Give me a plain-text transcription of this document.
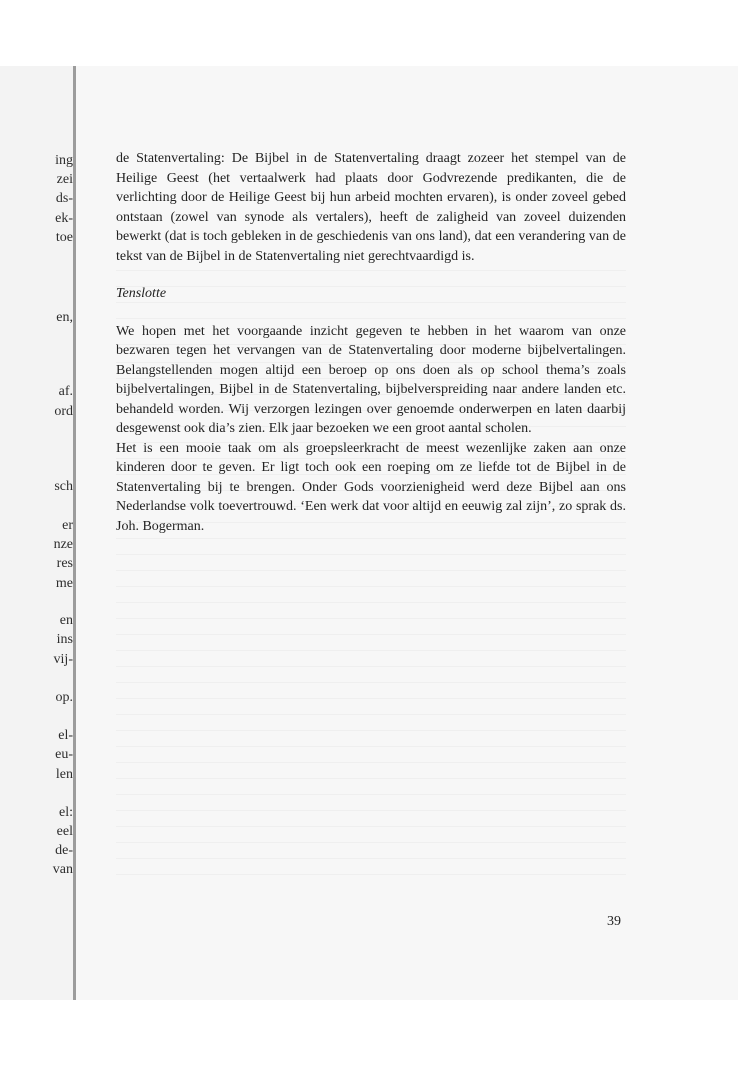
ing
zei
ds-
ek-
toe
en,
af.
ord
sch
er
nze
res
me
en
ins
vij-
op.
el-
eu-
len
el:
eel
de-
van

de Statenvertaling: De Bijbel in de Statenvertaling draagt zozeer het stempel van de Heilige Geest (het vertaalwerk had plaats door Godvrezende predikanten, die de verlichting door de Heilige Geest bij hun arbeid mochten ervaren), is onder zoveel gebed ontstaan (zowel van synode als vertalers), heeft de zaligheid van zoveel duizenden bewerkt (dat is toch gebleken in de geschiedenis van ons land), dat een verandering van de tekst van de Bijbel in de Statenvertaling niet gerechtvaardigd is.

Tenslotte

We hopen met het voorgaande inzicht gegeven te hebben in het waarom van onze bezwaren tegen het vervangen van de Statenvertaling door moderne bijbelvertalingen. Belangstellenden mogen altijd een beroep op ons doen als op school thema’s zoals bijbelvertalingen, Bijbel in de Statenvertaling, bijbelverspreiding naar andere landen etc. behandeld worden. Wij verzorgen lezingen over genoemde onderwerpen en laten daarbij desgewenst ook dia’s zien. Elk jaar bezoeken we een groot aantal scholen.

Het is een mooie taak om als groepsleerkracht de meest wezenlijke zaken aan onze kinderen door te geven. Er ligt toch ook een roeping om ze liefde tot de Bijbel in de Statenvertaling bij te brengen. Onder Gods voorzienigheid werd deze Bijbel aan ons Nederlandse volk toevertrouwd. ‘Een werk dat voor altijd en eeuwig zal zijn’, zo sprak ds. Joh. Bogerman.

39
